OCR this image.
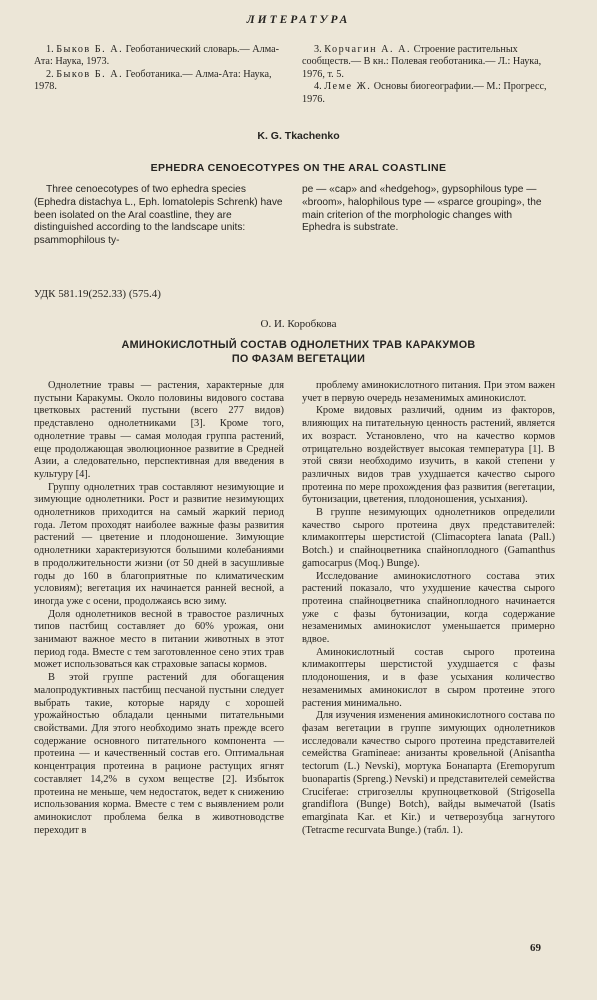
ЛИТЕРАТУРА

1. Быков Б. А. Геоботанический словарь.— Алма-Ата: Наука, 1973.

2. Быков Б. А. Геоботаника.— Алма-Ата: Наука, 1978.

3. Корчагин А. А. Строение растительных сообществ.— В кн.: Полевая геоботаника.— Л.: Наука, 1976, т. 5.

4. Леме Ж. Основы биогеографии.— М.: Прогресс, 1976.

K. G. Tkachenko
EPHEDRA CENOECOTYPES ON THE ARAL COASTLINE

Three cenoecotypes of two ephedra species (Ephedra distachya L., Eph. lomatolepis Schrenk) have been isolated on the Aral coastline, they are distinguished according to the landscape units: psammophilous ty-

pe — «cap» and «hedgehog», gypsophilous type — «broom», halophilous type — «sparce grouping», the main criterion of the morphologic changes with Ephedra is substrate.

УДК 581.19(252.33) (575.4)
О. И. Коробкова
АМИНОКИСЛОТНЫЙ СОСТАВ ОДНОЛЕТНИХ ТРАВ КАРАКУМОВ
ПО ФАЗАМ ВЕГЕТАЦИИ

Однолетние травы — растения, характерные для пустыни Каракумы. Около половины видового состава цветковых растений пустыни (всего 277 видов) представлено однолетниками [3]. Кроме того, однолетние травы — самая молодая группа растений, еще продолжающая эволюционное развитие в Средней Азии, а следовательно, перспективная для введения в культуру [4].

Группу однолетних трав составляют незимующие и зимующие однолетники. Рост и развитие незимующих однолетников приходится на самый жаркий период года. Летом проходят наиболее важные фазы развития растений — цветение и плодоношение. Зимующие однолетники характеризуются большими колебаниями в продолжительности жизни (от 50 дней в засушливые годы до 160 в благоприятные по климатическим условиям); вегетация их начинается ранней весной, а иногда уже с осени, продолжаясь всю зиму.

Доля однолетников весной в травостое различных типов пастбищ составляет до 60% урожая, они занимают важное место в питании животных в этот период года. Вместе с тем заготовленное сено этих трав может использоваться как страховые запасы кормов.

В этой группе растений для обогащения малопродуктивных пастбищ песчаной пустыни следует выбрать такие, которые наряду с хорошей урожайностью обладали ценными питательными свойствами. Для этого необходимо знать прежде всего содержание основного питательного компонента — протеина — и качественный состав его. Оптимальная концентрация протеина в рационе растущих ягнят составляет 14,2% в сухом веществе [2]. Избыток протеина не меньше, чем недостаток, ведет к снижению использования корма. Вместе с тем с выявлением роли аминокислот проблема белка в животноводстве переходит в

проблему аминокислотного питания. При этом важен учет в первую очередь незаменимых аминокислот.

Кроме видовых различий, одним из факторов, влияющих на питательную ценность растений, является их возраст. Установлено, что на качество кормов отрицательно воздействует высокая температура [1]. В этой связи необходимо изучить, в какой степени у различных видов трав ухудшается качество сырого протеина по мере прохождения фаз развития (вегетации, бутонизации, цветения, плодоношения, усыхания).

В группе незимующих однолетников определили качество сырого протеина двух представителей: климакоптеры шерстистой (Climacoptera lanata (Pall.) Botch.) и спайноцветника спайноплодного (Gamanthus gamocarpus (Moq.) Bunge).

Исследование аминокислотного состава этих растений показало, что ухудшение качества сырого протеина спайноцветника спайноплодного начинается уже с фазы бутонизации, когда содержание незаменимых аминокислот уменьшается примерно вдвое.

Аминокислотный состав сырого протеина климакоптеры шерстистой ухудшается с фазы плодоношения, и в фазе усыхания количество незаменимых аминокислот в сыром протеине этого растения минимально.

Для изучения изменения аминокислотного состава по фазам вегетации в группе зимующих однолетников исследовали качество сырого протеина представителей семейства Gramineae: анизанты кровельной (Anisantha tectorum (L.) Nevski), мортука Бонапарта (Eremopyrum buonapartis (Spreng.) Nevski) и представителей семейства Cruciferae: стригозеллы крупноцветковой (Strigosella grandiflora (Bunge) Botch), вайды вымечатой (Isatis emarginata Kar. et Kir.) и четверозубца загнутого (Tetracme recurvata Bunge.) (табл. 1).

69
